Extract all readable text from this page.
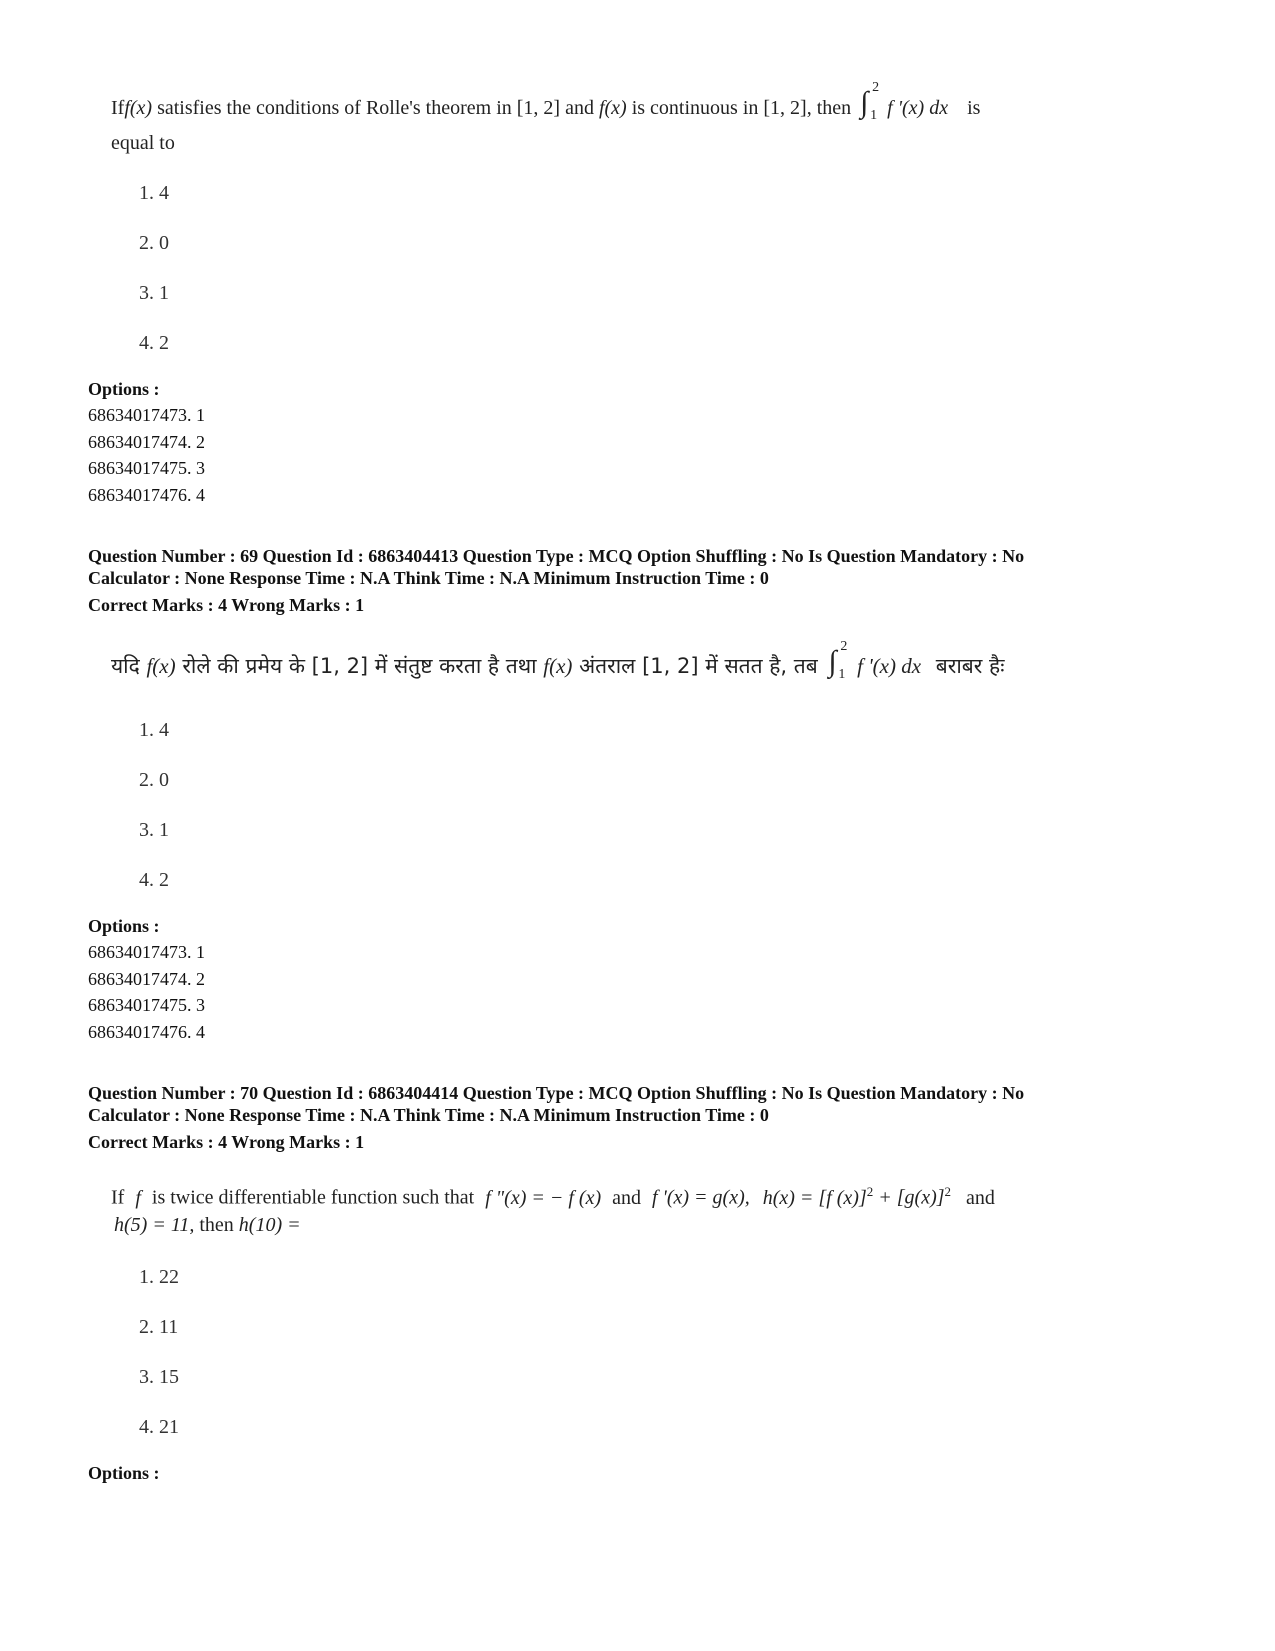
Iff(x) satisfies the conditions of Rolle's theorem in [1, 2] and f(x) is continuous in [1, 2], then ∫ 2
1 f '(x) dx is
equal to
1. 4
2. 0
3. 1
4. 2
Options :
68634017473. 1
68634017474. 2
68634017475. 3
68634017476. 4
Question Number : 69 Question Id : 6863404413 Question Type : MCQ Option Shuffling : No Is Question Mandatory : No
Calculator : None Response Time : N.A Think Time : N.A Minimum Instruction Time : 0
Correct Marks : 4 Wrong Marks : 1
यदि f(x) रोले की प्रमेय के [1, 2] में संतुष्ट करता है तथा f(x) अंतराल [1, 2] में सतत है, तब ∫ 2
1 f '(x) dx बराबर हैः
1. 4
2. 0
3. 1
4. 2
Options :
68634017473. 1
68634017474. 2
68634017475. 3
68634017476. 4
Question Number : 70 Question Id : 6863404414 Question Type : MCQ Option Shuffling : No Is Question Mandatory : No
Calculator : None Response Time : N.A Think Time : N.A Minimum Instruction Time : 0
Correct Marks : 4 Wrong Marks : 1
If f is twice differentiable function such that f "(x) = − f (x) and f '(x) = g(x), h(x) = [f $(x)]^2 + [g(x)]^2$ and
h(5) = 11, then h(10) =
1. 22
2. 11
3. 15
4. 21
Options :
